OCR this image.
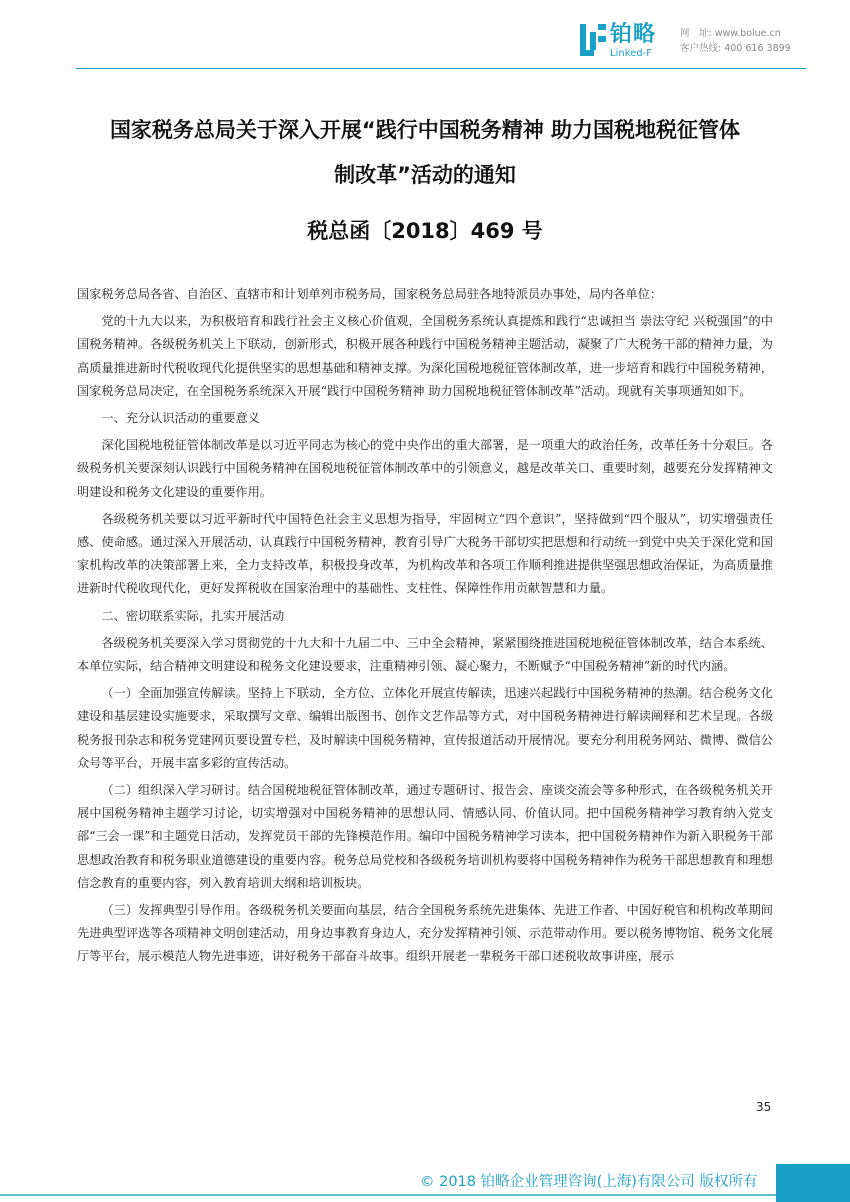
铂略
Linked-F
网　址: www.bolue.cn
客户热线: 400 616 3899
国家税务总局关于深入开展“践行中国税务精神 助力国税地税征管体
制改革”活动的通知
税总函〔2018〕469 号

国家税务总局各省、自治区、直辖市和计划单列市税务局，国家税务总局驻各地特派员办事处，局内各单位：

党的十九大以来，为积极培育和践行社会主义核心价值观，全国税务系统认真提炼和践行“忠诚担当 崇法守纪 兴税强国”的中国税务精神。各级税务机关上下联动，创新形式，积极开展各种践行中国税务精神主题活动，凝聚了广大税务干部的精神力量，为高质量推进新时代税收现代化提供坚实的思想基础和精神支撑。为深化国税地税征管体制改革，进一步培育和践行中国税务精神，国家税务总局决定，在全国税务系统深入开展“践行中国税务精神 助力国税地税征管体制改革”活动。现就有关事项通知如下。

一、充分认识活动的重要意义

深化国税地税征管体制改革是以习近平同志为核心的党中央作出的重大部署，是一项重大的政治任务，改革任务十分艰巨。各级税务机关要深刻认识践行中国税务精神在国税地税征管体制改革中的引领意义，越是改革关口、重要时刻，越要充分发挥精神文明建设和税务文化建设的重要作用。

各级税务机关要以习近平新时代中国特色社会主义思想为指导，牢固树立“四个意识”，坚持做到“四个服从”，切实增强责任感、使命感。通过深入开展活动，认真践行中国税务精神，教育引导广大税务干部切实把思想和行动统一到党中央关于深化党和国家机构改革的决策部署上来，全力支持改革，积极投身改革，为机构改革和各项工作顺利推进提供坚强思想政治保证，为高质量推进新时代税收现代化，更好发挥税收在国家治理中的基础性、支柱性、保障性作用贡献智慧和力量。

二、密切联系实际，扎实开展活动

各级税务机关要深入学习贯彻党的十九大和十九届二中、三中全会精神，紧紧围绕推进国税地税征管体制改革，结合本系统、本单位实际，结合精神文明建设和税务文化建设要求，注重精神引领、凝心聚力，不断赋予“中国税务精神”新的时代内涵。

（一）全面加强宣传解读。坚持上下联动，全方位、立体化开展宣传解读，迅速兴起践行中国税务精神的热潮。结合税务文化建设和基层建设实施要求，采取撰写文章、编辑出版图书、创作文艺作品等方式，对中国税务精神进行解读阐释和艺术呈现。各级税务报刊杂志和税务党建网页要设置专栏，及时解读中国税务精神，宣传报道活动开展情况。要充分利用税务网站、微博、微信公众号等平台，开展丰富多彩的宣传活动。

（二）组织深入学习研讨。结合国税地税征管体制改革，通过专题研讨、报告会、座谈交流会等多种形式，在各级税务机关开展中国税务精神主题学习讨论，切实增强对中国税务精神的思想认同、情感认同、价值认同。把中国税务精神学习教育纳入党支部“三会一课”和主题党日活动，发挥党员干部的先锋模范作用。编印中国税务精神学习读本，把中国税务精神作为新入职税务干部思想政治教育和税务职业道德建设的重要内容。税务总局党校和各级税务培训机构要将中国税务精神作为税务干部思想教育和理想信念教育的重要内容，列入教育培训大纲和培训板块。

（三）发挥典型引导作用。各级税务机关要面向基层，结合全国税务系统先进集体、先进工作者、中国好税官和机构改革期间先进典型评选等各项精神文明创建活动，用身边事教育身边人，充分发挥精神引领、示范带动作用。要以税务博物馆、税务文化展厅等平台，展示模范人物先进事迹，讲好税务干部奋斗故事。组织开展老一辈税务干部口述税收故事讲座，展示

35
© 2018 铂略企业管理咨询(上海)有限公司 版权所有
